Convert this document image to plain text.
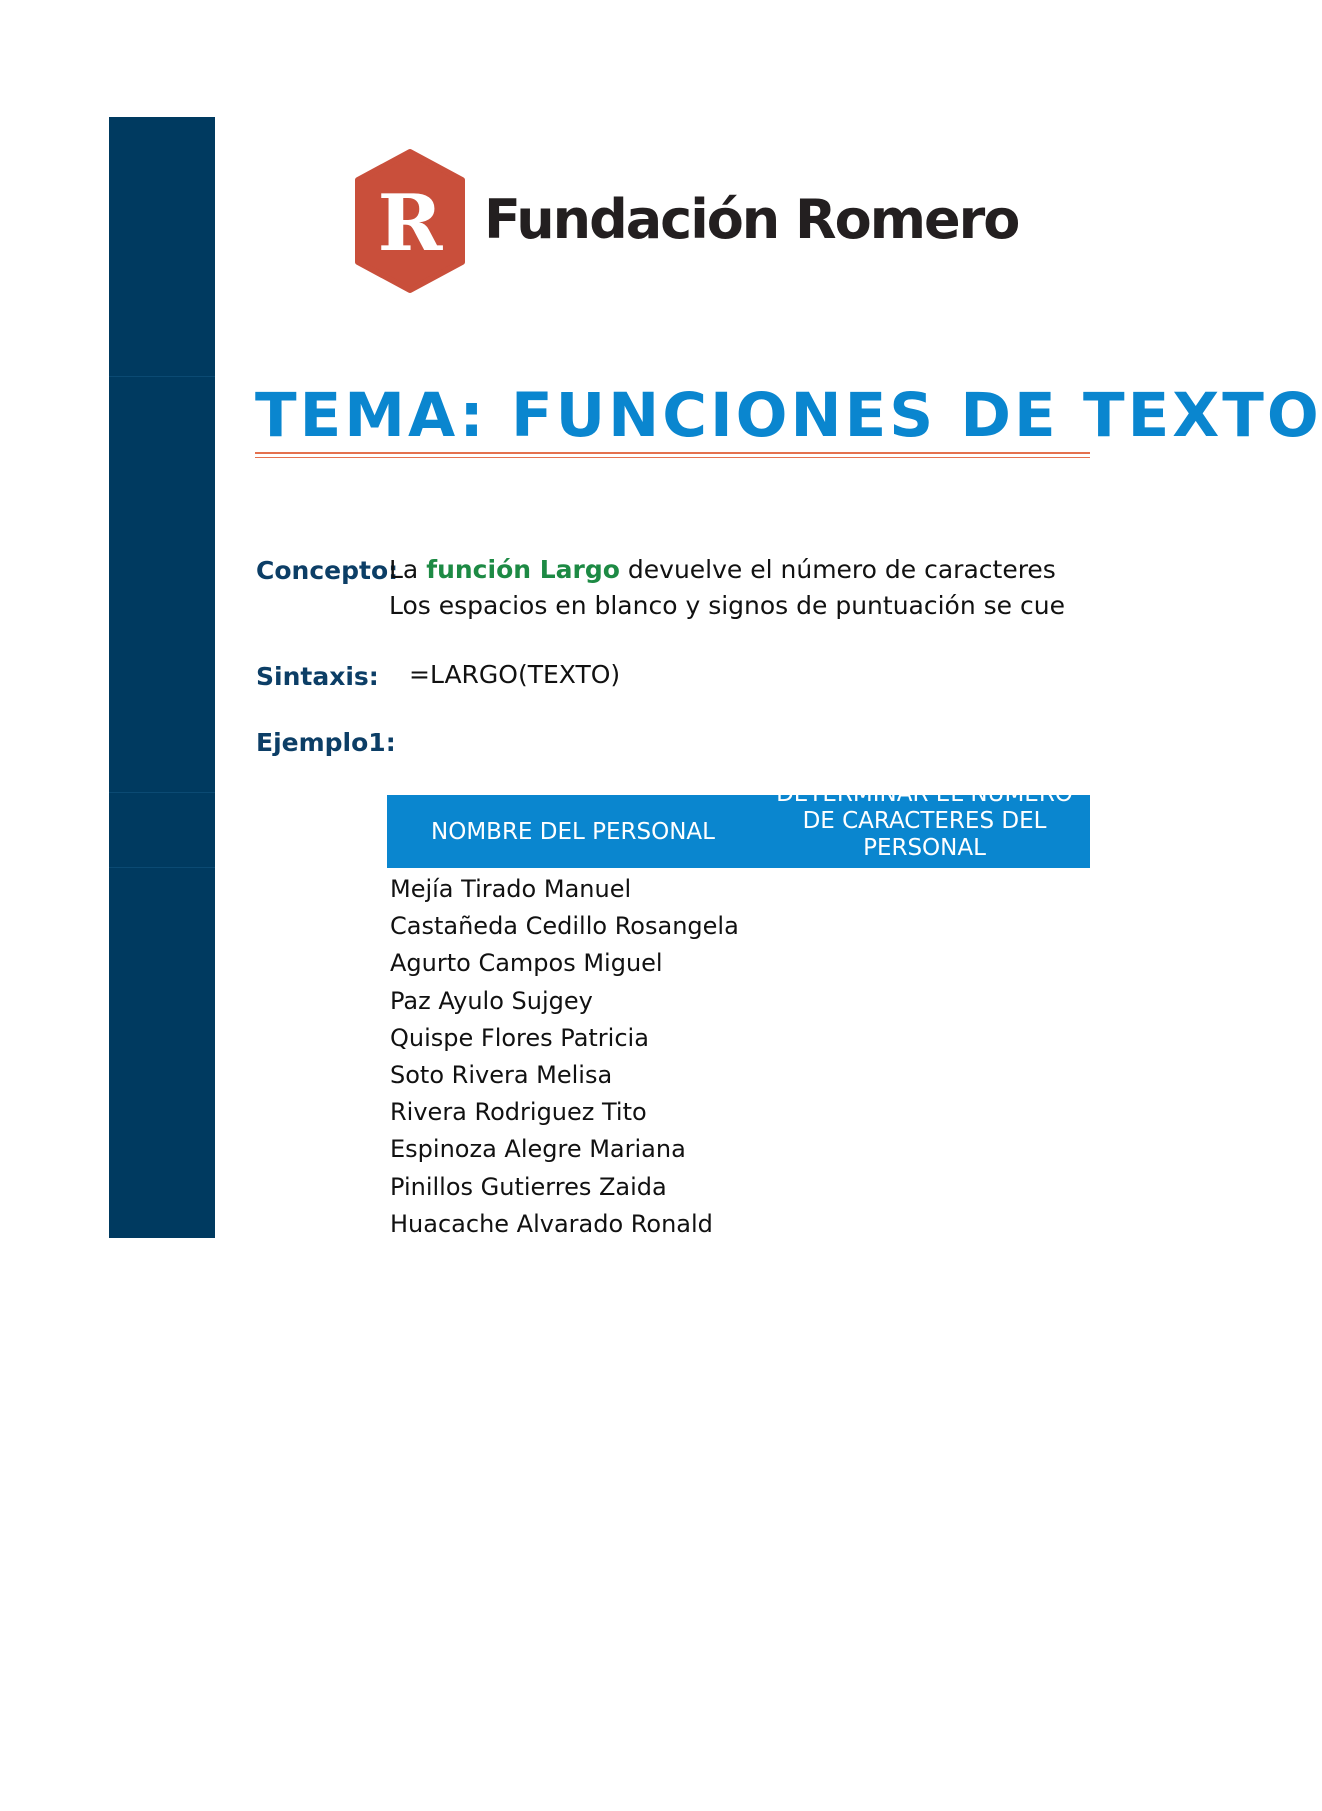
R Fundación Romero
TEMA: FUNCIONES DE TEXTO
Concepto:
La función Largo devuelve el número de caracteres
Los espacios en blanco y signos de puntuación se cue
Sintaxis: =LARGO(TEXTO)
Ejemplo1:
NOMBRE DEL PERSONAL
DETERMINAR EL NÚMERO
DE CARACTERES DEL
PERSONAL
Mejía Tirado Manuel
Castañeda Cedillo Rosangela
Agurto Campos Miguel
Paz Ayulo Sujgey
Quispe Flores Patricia
Soto Rivera Melisa
Rivera Rodriguez Tito
Espinoza Alegre Mariana
Pinillos Gutierres Zaida
Huacache Alvarado Ronald
